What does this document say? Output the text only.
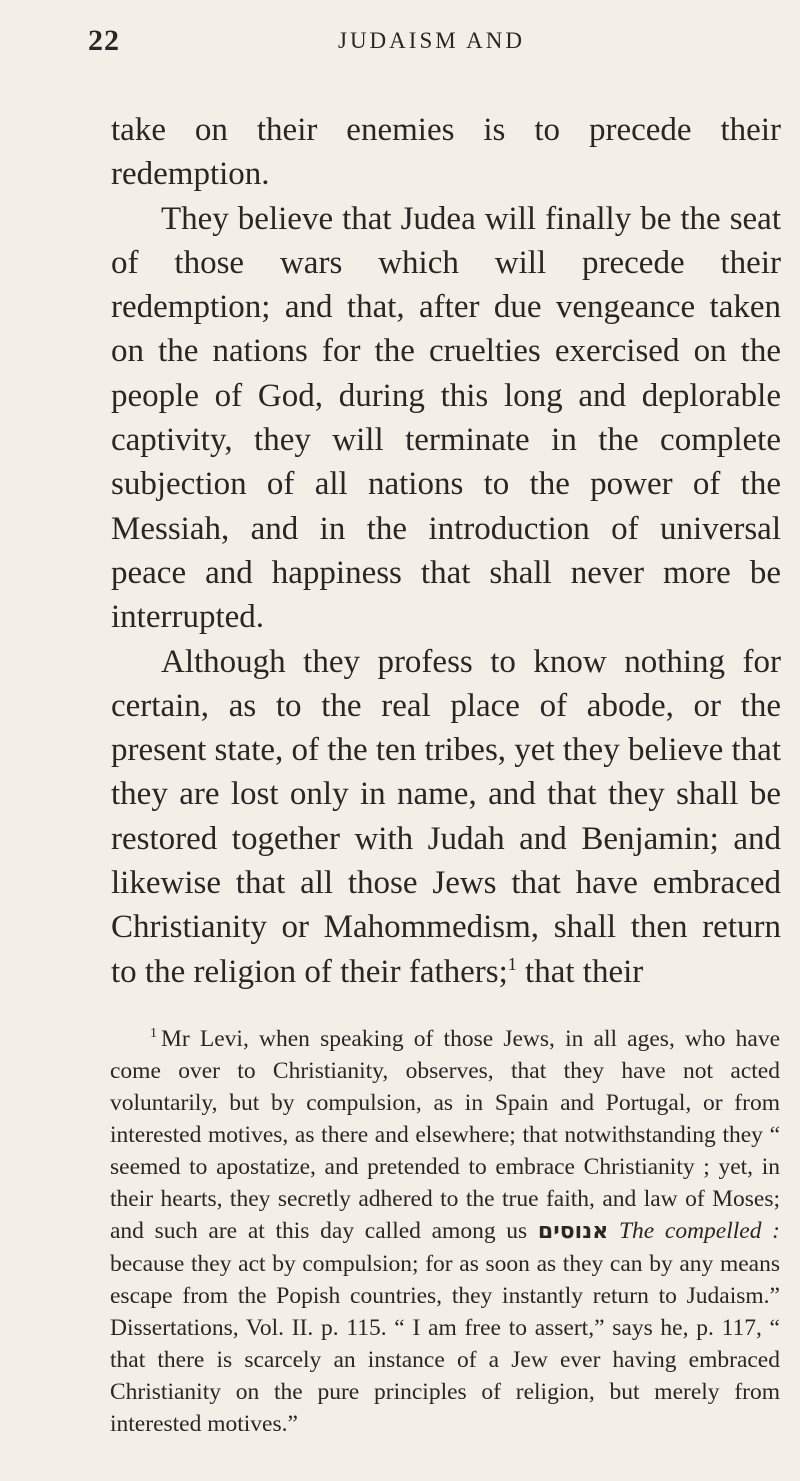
22	JUDAISM AND

take on their enemies is to precede their redemption.

They believe that Judea will finally be the seat of those wars which will precede their redemption; and that, after due vengeance taken on the nations for the cruelties exercised on the people of God, during this long and deplorable captivity, they will terminate in the complete subjection of all nations to the power of the Messiah, and in the introduction of universal peace and happiness that shall never more be interrupted.

Although they profess to know nothing for certain, as to the real place of abode, or the present state, of the ten tribes, yet they believe that they are lost only in name, and that they shall be restored together with Judah and Benjamin; and likewise that all those Jews that have embraced Christianity or Mahommedism, shall then return to the religion of their fathers;$^1$ that their

$^1$ Mr Levi, when speaking of those Jews, in all ages, who have come over to Christianity, observes, that they have not acted voluntarily, but by compulsion, as in Spain and Portugal, or from interested motives, as there and elsewhere; that notwithstanding they “ seemed to apostatize, and pretended to embrace Christianity ; yet, in their hearts, they secretly adhered to the true faith, and law of Moses; and such are at this day called among us אנוסים The compelled : because they act by compulsion; for as soon as they can by any means escape from the Popish countries, they instantly return to Judaism.” Dissertations, Vol. II. p. 115. “ I am free to assert,” says he, p. 117, “ that there is scarcely an instance of a Jew ever having embraced Christianity on the pure principles of religion, but merely from interested motives.”
